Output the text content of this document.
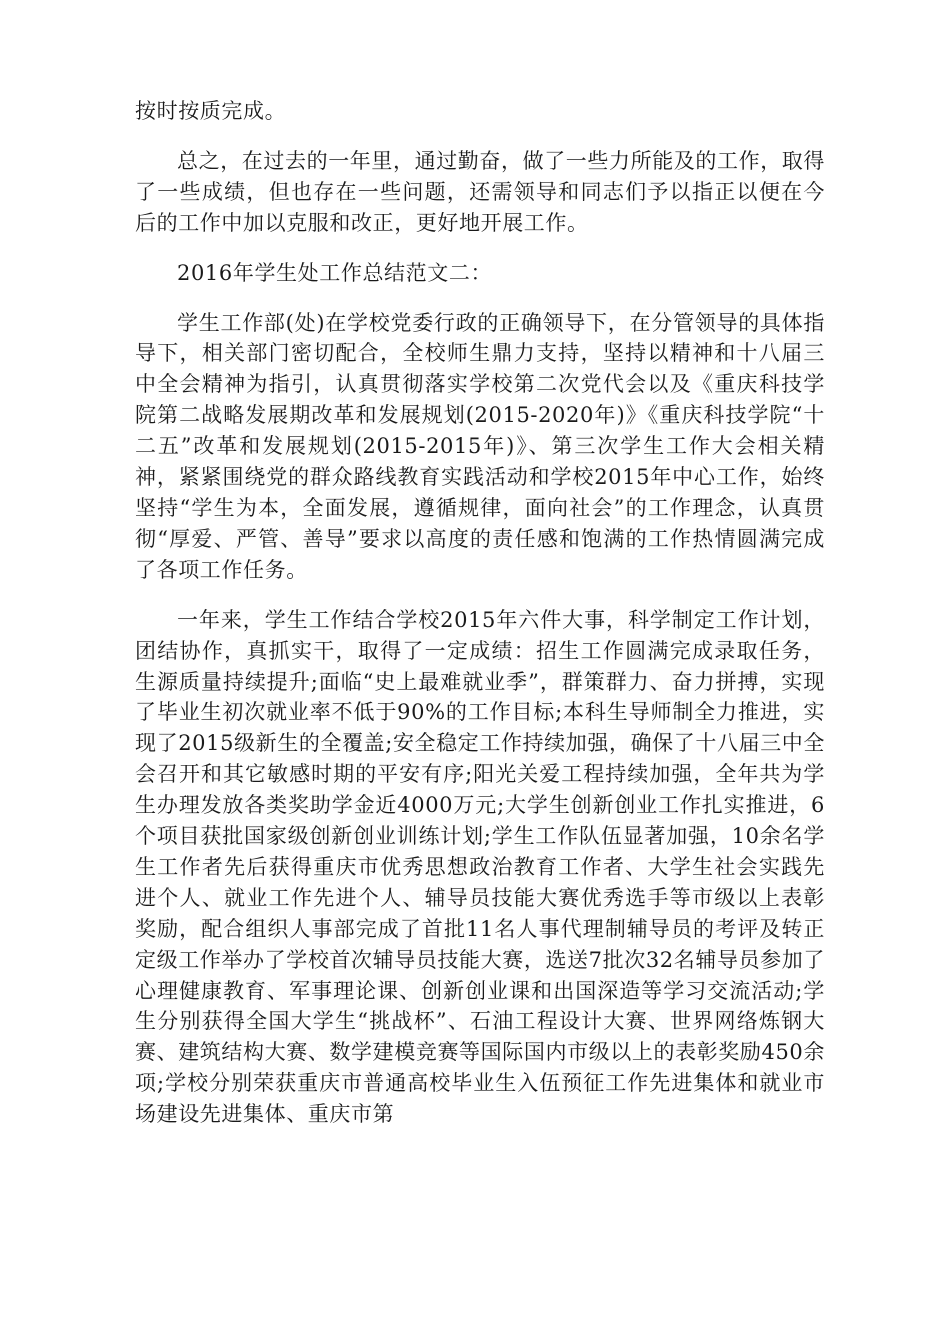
按时按质完成。

总之，在过去的一年里，通过勤奋，做了一些力所能及的工作，取得了一些成绩，但也存在一些问题，还需领导和同志们予以指正以便在今后的工作中加以克服和改正，更好地开展工作。

2016年学生处工作总结范文二：

学生工作部(处)在学校党委行政的正确领导下，在分管领导的具体指导下，相关部门密切配合，全校师生鼎力支持，坚持以精神和十八届三中全会精神为指引，认真贯彻落实学校第二次党代会以及《重庆科技学院第二战略发展期改革和发展规划(2015-2020年)》《重庆科技学院“十二五”改革和发展规划(2015-2015年)》、第三次学生工作大会相关精神，紧紧围绕党的群众路线教育实践活动和学校2015年中心工作，始终坚持“学生为本，全面发展，遵循规律，面向社会”的工作理念，认真贯彻“厚爱、严管、善导”要求以高度的责任感和饱满的工作热情圆满完成了各项工作任务。

一年来，学生工作结合学校2015年六件大事，科学制定工作计划，团结协作，真抓实干，取得了一定成绩：招生工作圆满完成录取任务，生源质量持续提升;面临“史上最难就业季”，群策群力、奋力拼搏，实现了毕业生初次就业率不低于90%的工作目标;本科生导师制全力推进，实现了2015级新生的全覆盖;安全稳定工作持续加强，确保了十八届三中全会召开和其它敏感时期的平安有序;阳光关爱工程持续加强，全年共为学生办理发放各类奖助学金近4000万元;大学生创新创业工作扎实推进，6个项目获批国家级创新创业训练计划;学生工作队伍显著加强，10余名学生工作者先后获得重庆市优秀思想政治教育工作者、大学生社会实践先进个人、就业工作先进个人、辅导员技能大赛优秀选手等市级以上表彰奖励，配合组织人事部完成了首批11名人事代理制辅导员的考评及转正定级工作举办了学校首次辅导员技能大赛，选送7批次32名辅导员参加了心理健康教育、军事理论课、创新创业课和出国深造等学习交流活动;学生分别获得全国大学生“挑战杯”、石油工程设计大赛、世界网络炼钢大赛、建筑结构大赛、数学建模竞赛等国际国内市级以上的表彰奖励450余项;学校分别荣获重庆市普通高校毕业生入伍预征工作先进集体和就业市场建设先进集体、重庆市第
